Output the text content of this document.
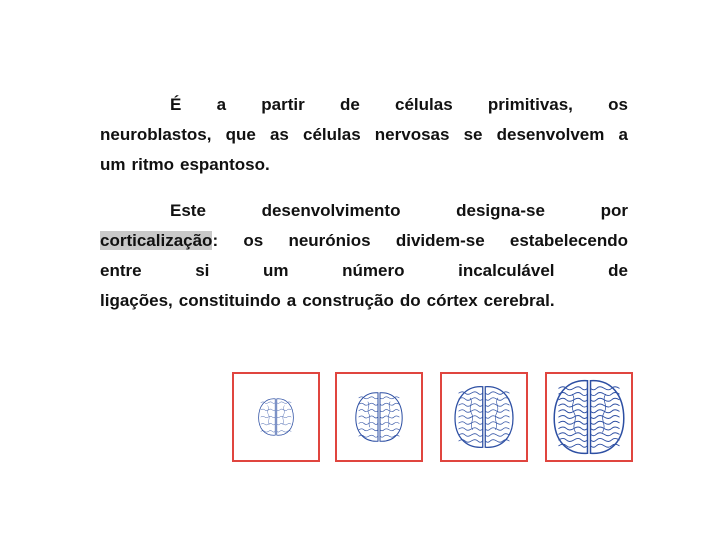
É a partir de células primitivas, os
neuroblastos, que as células nervosas se desenvolvem a
um ritmo espantoso.
Este	desenvolvimento	designa-se	por
corticalização: os neurónios dividem-se estabelecendo
entre	si	um	número	incalculável	de
ligações, constituindo a construção do córtex cerebral.
